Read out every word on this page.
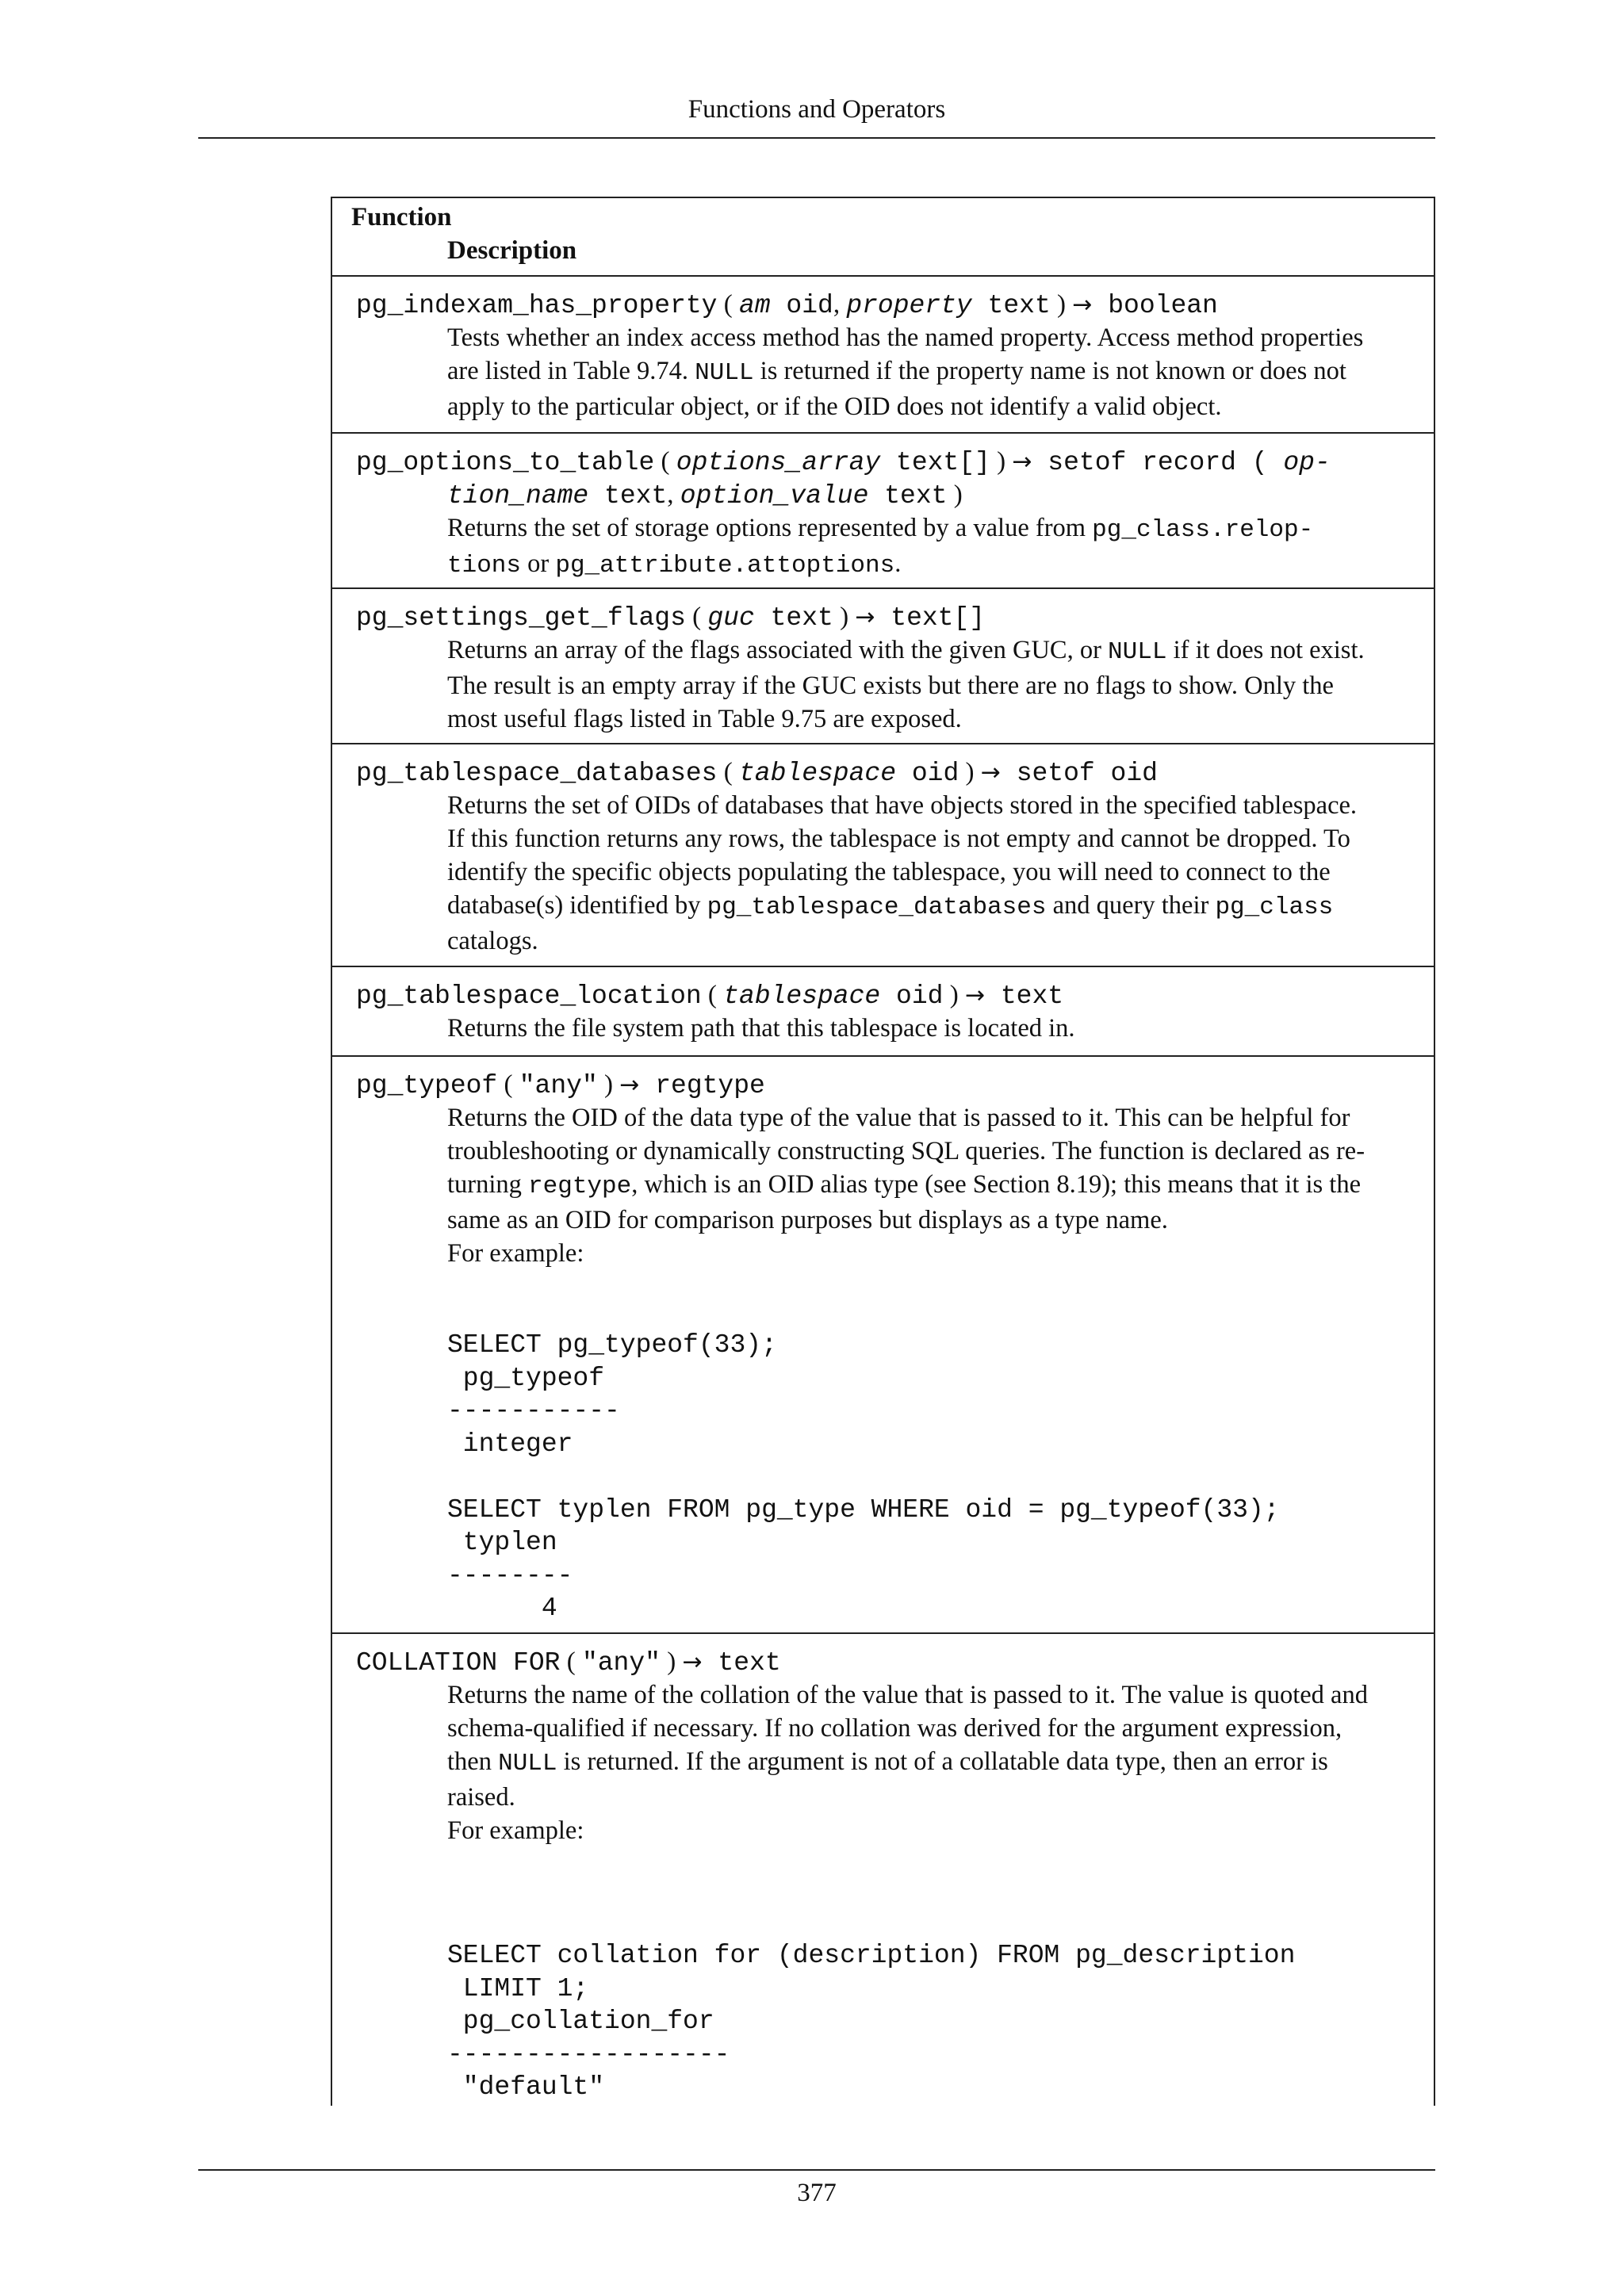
Functions and Operators
Function
Description
pg_indexam_has_property ( am oid, property text ) → boolean
Tests whether an index access method has the named property. Access method properties
are listed in Table 9.74. NULL is returned if the property name is not known or does not
apply to the particular object, or if the OID does not identify a valid object.
pg_options_to_table ( options_array text[] ) → setof record ( op-
tion_name text, option_value text )
Returns the set of storage options represented by a value from pg_class.relop-
tions or pg_attribute.attoptions.
pg_settings_get_flags ( guc text ) → text[]
Returns an array of the flags associated with the given GUC, or NULL if it does not exist.
The result is an empty array if the GUC exists but there are no flags to show. Only the
most useful flags listed in Table 9.75 are exposed.
pg_tablespace_databases ( tablespace oid ) → setof oid
Returns the set of OIDs of databases that have objects stored in the specified tablespace.
If this function returns any rows, the tablespace is not empty and cannot be dropped. To
identify the specific objects populating the tablespace, you will need to connect to the
database(s) identified by pg_tablespace_databases and query their pg_class
catalogs.
pg_tablespace_location ( tablespace oid ) → text
Returns the file system path that this tablespace is located in.
pg_typeof ( "any" ) → regtype
Returns the OID of the data type of the value that is passed to it. This can be helpful for
troubleshooting or dynamically constructing SQL queries. The function is declared as re-
turning regtype, which is an OID alias type (see Section 8.19); this means that it is the
same as an OID for comparison purposes but displays as a type name.
For example:
SELECT pg_typeof(33);
pg_typeof
-----------
integer

SELECT typlen FROM pg_type WHERE oid = pg_typeof(33);
typlen
--------
4
COLLATION FOR ( "any" ) → text
Returns the name of the collation of the value that is passed to it. The value is quoted and
schema-qualified if necessary. If no collation was derived for the argument expression,
then NULL is returned. If the argument is not of a collatable data type, then an error is
raised.
For example:
SELECT collation for (description) FROM pg_description
LIMIT 1;
pg_collation_for
------------------
"default"
377
